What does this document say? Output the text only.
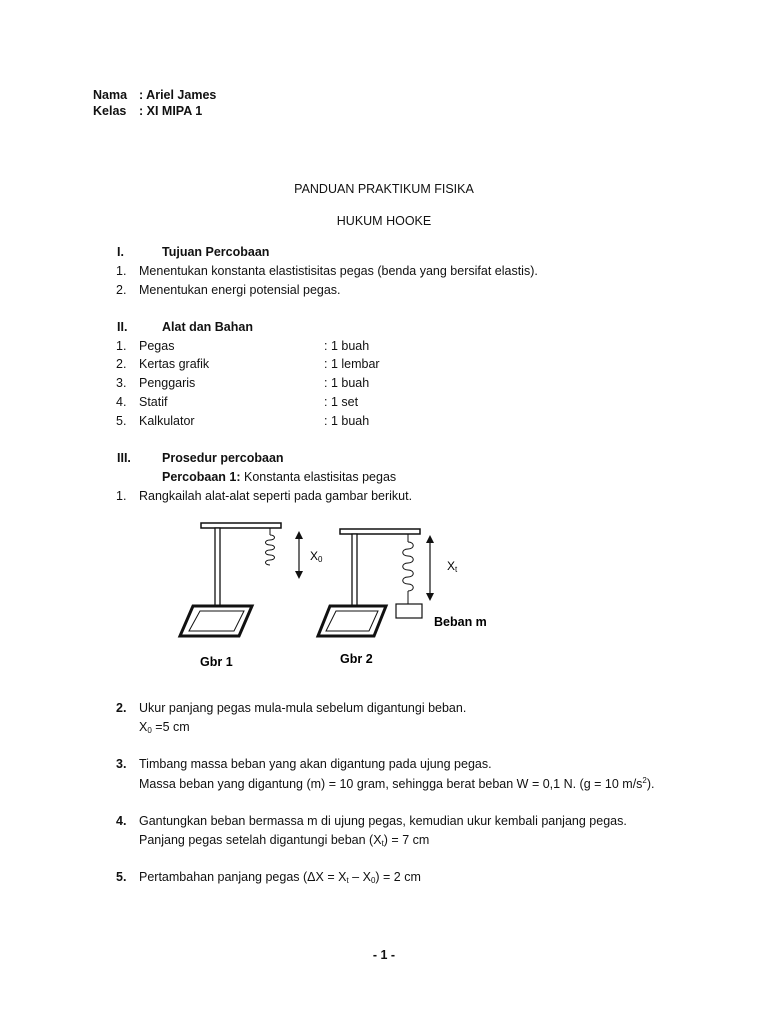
Nama : Ariel James
Kelas : XI MIPA 1
PANDUAN PRAKTIKUM FISIKA
HUKUM HOOKE
I.	Tujuan Percobaan
1. Menentukan konstanta elastistisitas pegas (benda yang bersifat elastis).
2. Menentukan energi potensial pegas.
II.	Alat dan Bahan
1. Pegas	: 1 buah
2. Kertas grafik	: 1 lembar
3. Penggaris	: 1 buah
4. Statif	: 1 set
5. Kalkulator	: 1 buah
III. Prosedur percobaan
Percobaan 1: Konstanta elastisitas pegas
1. Rangkailah alat-alat seperti pada gambar berikut.
X0	Xt
Beban m
Gbr 1	Gbr 2
2. Ukur panjang pegas mula-mula sebelum digantungi beban.
$X_0 =5$ cm
3. Timbang massa beban yang akan digantung pada ujung pegas.
Massa beban yang digantung (m) = 10 gram, sehingga berat beban W = 0,1 N. (g = 10 $m/s^2$).
4. Gantungkan beban bermassa m di ujung pegas, kemudian ukur kembali panjang pegas.
Panjang pegas setelah digantungi beban $(X_t) = 7$ cm
5. Pertambahan panjang pegas $(\Delta X = X_t - X_0) = 2$ cm
- 1 -
